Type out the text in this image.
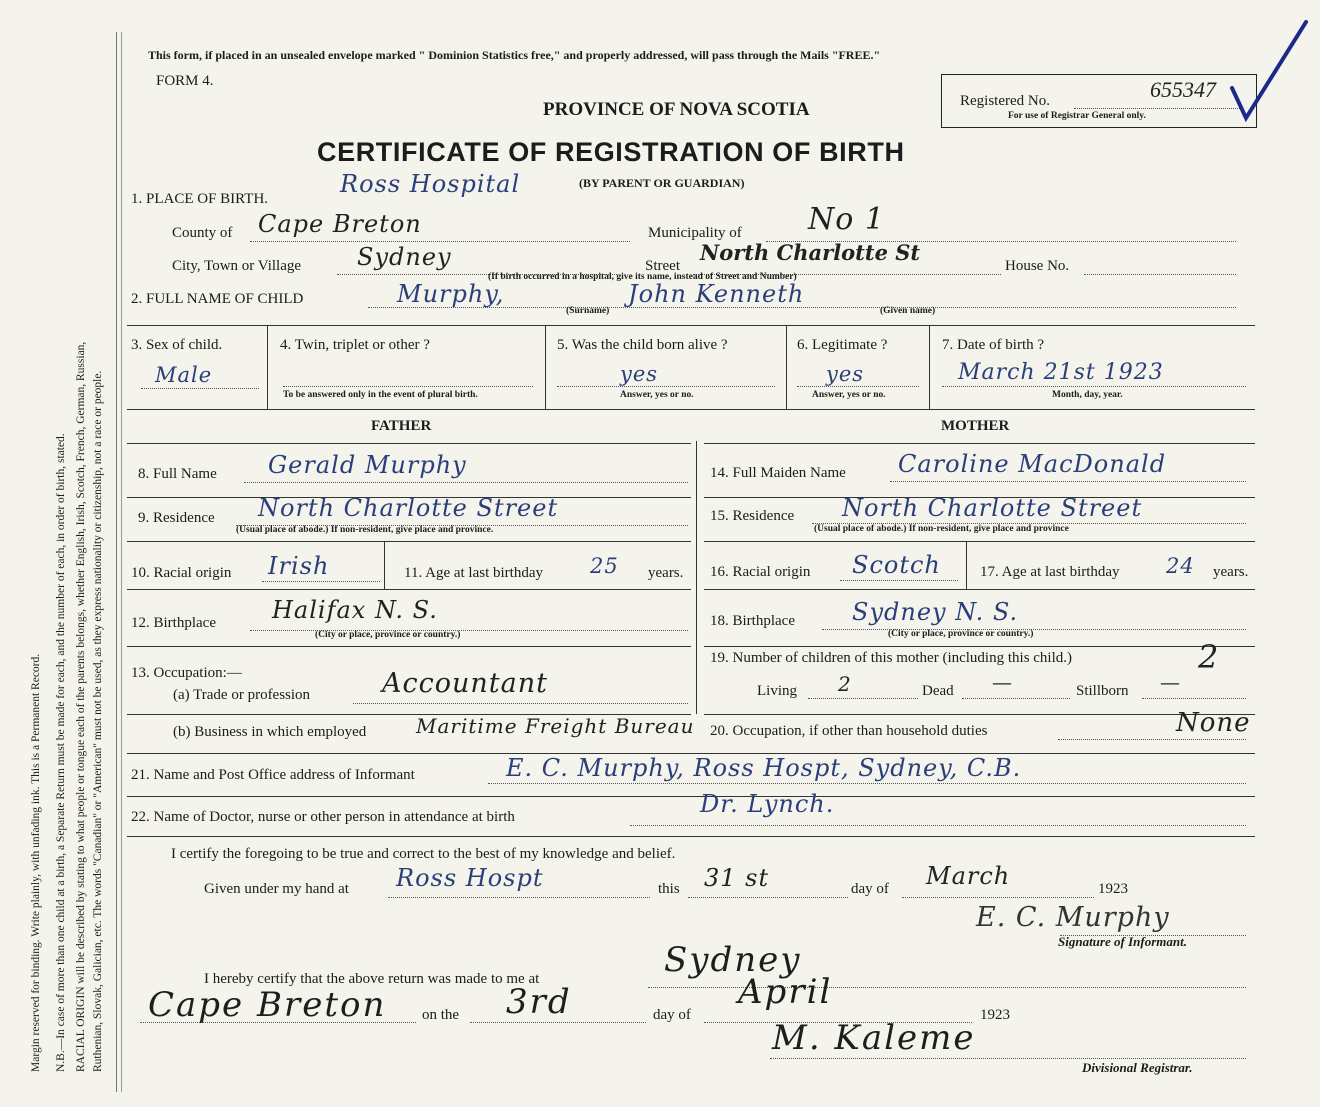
Margin reserved for binding. Write plainly, with unfading ink. This is a Permanent Record. N.B.—In case of more than one child at a birth, a Separate Return must be made for each, and the number of each, in order of birth, stated. RACIAL ORIGIN will be described by stating to what people or tongue each of the parents belongs, whether English, Irish, Scotch, French, German, Russian, Ruthenian, Slovak, Galician, etc. The words "Canadian" or "American" must not be used, as they express nationality or citizenship, not a race or people.
This form, if placed in an unsealed envelope marked " Dominion Statistics free," and properly addressed, will pass through the Mails "FREE."
FORM 4.
PROVINCE OF NOVA SCOTIA
CERTIFICATE OF REGISTRATION OF BIRTH
(BY PARENT OR GUARDIAN)
Registered No.	655347
For use of Registrar General only.
1. PLACE OF BIRTH.
Ross Hospital
County of Cape Breton	Municipality of No 1
City, Town or Village Sydney	Street
North Charlotte St
House No.
(If birth occurred in a hospital, give its name, instead of Street and Number)
2. FULL NAME OF CHILD	Murphy,	John Kenneth
(Surname)	(Given name)
3. Sex of child.
Male
4. Twin, triplet or other ?
To be answered only in the event of plural birth.
5. Was the child born alive ?
yes
Answer, yes or no.
6. Legitimate ?
yes
Answer, yes or no.
7. Date of birth ?
March 21st 1923
Month, day, year.
FATHER	MOTHER
8. Full Name Gerald Murphy
9. Residence North Charlotte Street
(Usual place of abode.) If non-resident, give place and province.
10. Racial origin Irish	11. Age at last birthday 25 years.
12. Birthplace Halifax N. S.
(City or place, province or country.)
13. Occupation:—
(a) Trade or profession	Accountant
(b) Business in which employed Maritime Freight Bureau
14. Full Maiden Name Caroline MacDonald
15. Residence North Charlotte Street
(Usual place of abode.) If non-resident, give place and province
16. Racial origin Scotch	17. Age at last birthday 24 years.
18. Birthplace Sydney N. S.
(City or place, province or country.)
19. Number of children of this mother (including this child.)	2
Living 2	Dead —	Stillborn —
20. Occupation, if other than household duties	None
21. Name and Post Office address of Informant	E. C. Murphy, Ross Hospt, Sydney, C.B.
22. Name of Doctor, nurse or other person in attendance at birth	Dr. Lynch.
I certify the foregoing to be true and correct to the best of my knowledge and belief.
Given under my hand at Ross Hospt	this 31 st	day of March	1923
E. C. Murphy
Signature of Informant.
I hereby certify that the above return was made to me at	Sydney
Cape Breton on the 3rd	day of
April
1923
M. Kaleme
Divisional Registrar.
